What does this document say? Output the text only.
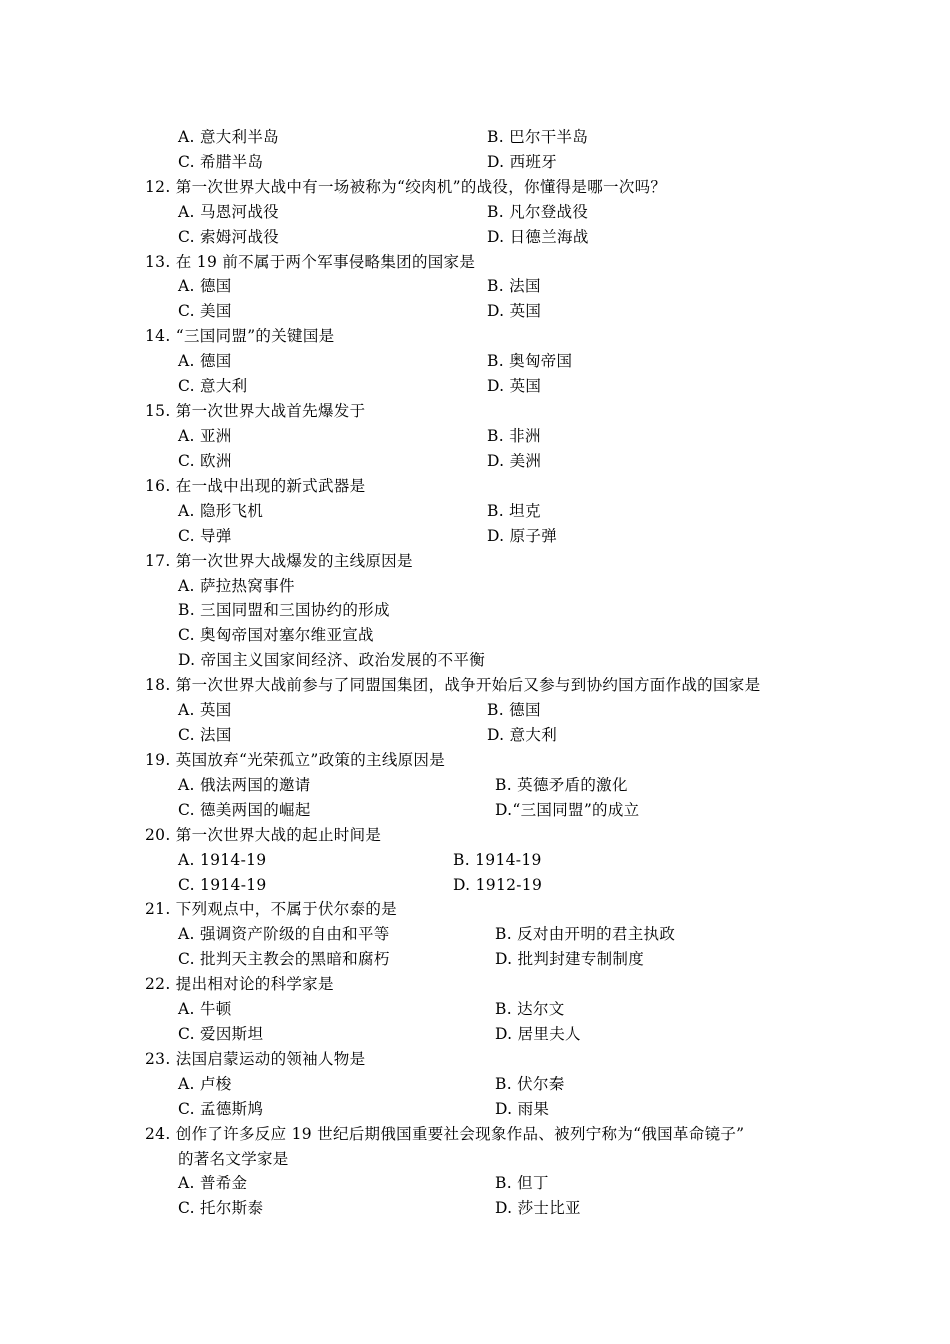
A. 意大利半岛	B. 巴尔干半岛
C. 希腊半岛	D. 西班牙
12. 第一次世界大战中有一场被称为“绞肉机”的战役，你懂得是哪一次吗？
A. 马恩河战役	B. 凡尔登战役
C. 索姆河战役	D. 日德兰海战
13. 在 19 前不属于两个军事侵略集团的国家是
A. 德国	B. 法国
C. 美国	D. 英国
14. “三国同盟”的关键国是
A. 德国	B. 奥匈帝国
C. 意大利	D. 英国
15. 第一次世界大战首先爆发于
A. 亚洲	B. 非洲
C. 欧洲	D. 美洲
16. 在一战中出现的新式武器是
A. 隐形飞机	B. 坦克
C. 导弹	D. 原子弹
17. 第一次世界大战爆发的主线原因是
A. 萨拉热窝事件
B. 三国同盟和三国协约的形成
C. 奥匈帝国对塞尔维亚宣战
D. 帝国主义国家间经济、政治发展的不平衡
18. 第一次世界大战前参与了同盟国集团，战争开始后又参与到协约国方面作战的国家是
A. 英国	B. 德国
C. 法国	D. 意大利
19. 英国放弃“光荣孤立”政策的主线原因是
A. 俄法两国的邀请	B. 英德矛盾的激化
C. 德美两国的崛起	D.“三国同盟”的成立
20. 第一次世界大战的起止时间是
A. 1914-19	B. 1914-19
C. 1914-19	D. 1912-19
21. 下列观点中，不属于伏尔泰的是
A. 强调资产阶级的自由和平等	B. 反对由开明的君主执政
C. 批判天主教会的黑暗和腐朽	D. 批判封建专制制度
22. 提出相对论的科学家是
A. 牛顿	B. 达尔文
C. 爱因斯坦	D. 居里夫人
23. 法国启蒙运动的领袖人物是
A. 卢梭	B. 伏尔秦
C. 孟德斯鸠	D. 雨果
24. 创作了许多反应 19 世纪后期俄国重要社会现象作品、被列宁称为“俄国革命镜子”
的著名文学家是
A. 普希金	B. 但丁
C. 托尔斯泰	D. 莎士比亚
